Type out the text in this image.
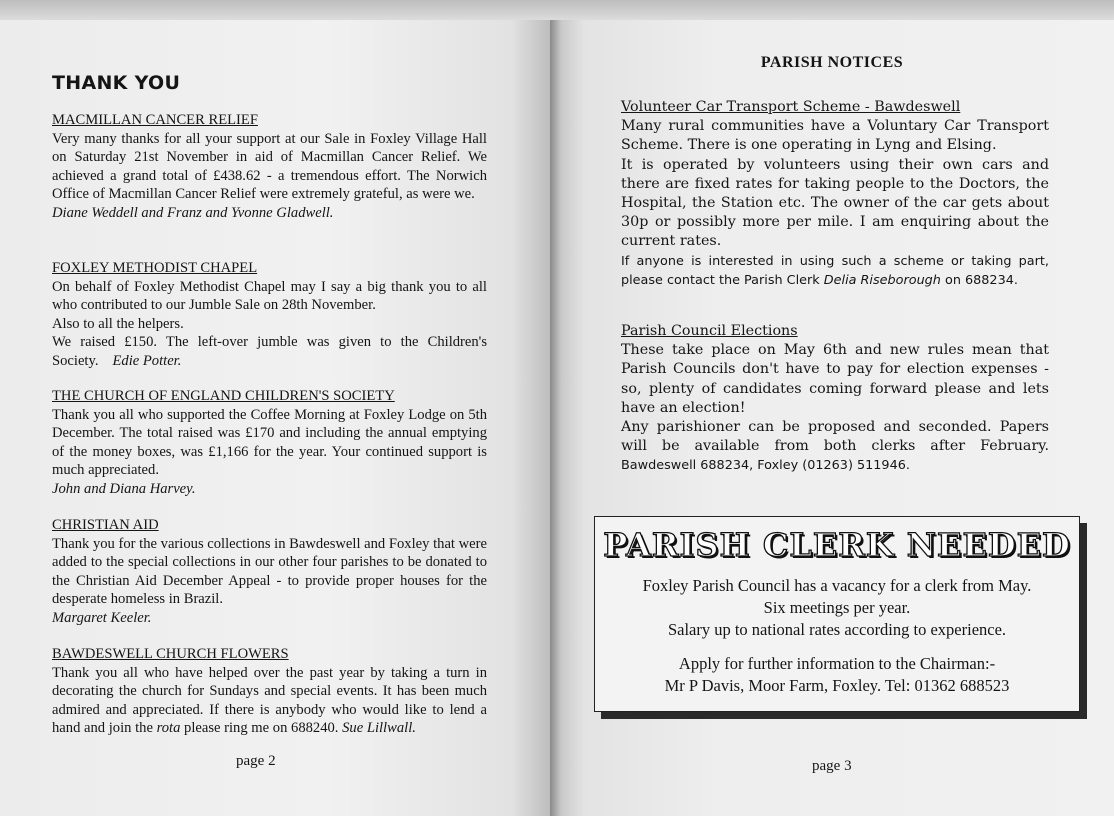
THANK YOU
MACMILLAN CANCER RELIEF
Very many thanks for all your support at our Sale in Foxley Village Hall on Saturday 21st November in aid of Macmillan Cancer Relief. We achieved a grand total of £438.62 - a tremendous effort. The Norwich Office of Macmillan Cancer Relief were extremely grateful, as were we.
Diane Weddell and Franz and Yvonne Gladwell.
FOXLEY METHODIST CHAPEL
On behalf of Foxley Methodist Chapel may I say a big thank you to all who contributed to our Jumble Sale on 28th November.
Also to all the helpers.
We raised £150. The left-over jumble was given to the Children's Society. Edie Potter.
THE CHURCH OF ENGLAND CHILDREN'S SOCIETY
Thank you all who supported the Coffee Morning at Foxley Lodge on 5th December. The total raised was £170 and including the annual emptying of the money boxes, was £1,166 for the year. Your continued support is much appreciated.
John and Diana Harvey.
CHRISTIAN AID
Thank you for the various collections in Bawdeswell and Foxley that were added to the special collections in our other four parishes to be donated to the Christian Aid December Appeal - to provide proper houses for the desperate homeless in Brazil.
Margaret Keeler.
BAWDESWELL CHURCH FLOWERS
Thank you all who have helped over the past year by taking a turn in decorating the church for Sundays and special events. It has been much admired and appreciated. If there is anybody who would like to lend a hand and join the rota please ring me on 688240. Sue Lillwall.
page 2
PARISH NOTICES
Volunteer Car Transport Scheme - Bawdeswell
Many rural communities have a Voluntary Car Transport Scheme. There is one operating in Lyng and Elsing.
It is operated by volunteers using their own cars and there are fixed rates for taking people to the Doctors, the Hospital, the Station etc. The owner of the car gets about 30p or possibly more per mile. I am enquiring about the current rates.
If anyone is interested in using such a scheme or taking part, please contact the Parish Clerk Delia Riseborough on 688234.
Parish Council Elections
These take place on May 6th and new rules mean that Parish Councils don't have to pay for election expenses - so, plenty of candidates coming forward please and lets have an election!
Any parishioner can be proposed and seconded. Papers will be available from both clerks after February. Bawdeswell 688234, Foxley (01263) 511946.
PARISH CLERK NEEDED
Foxley Parish Council has a vacancy for a clerk from May.
Six meetings per year.
Salary up to national rates according to experience.
Apply for further information to the Chairman:-
Mr P Davis, Moor Farm, Foxley. Tel: 01362 688523
page 3
